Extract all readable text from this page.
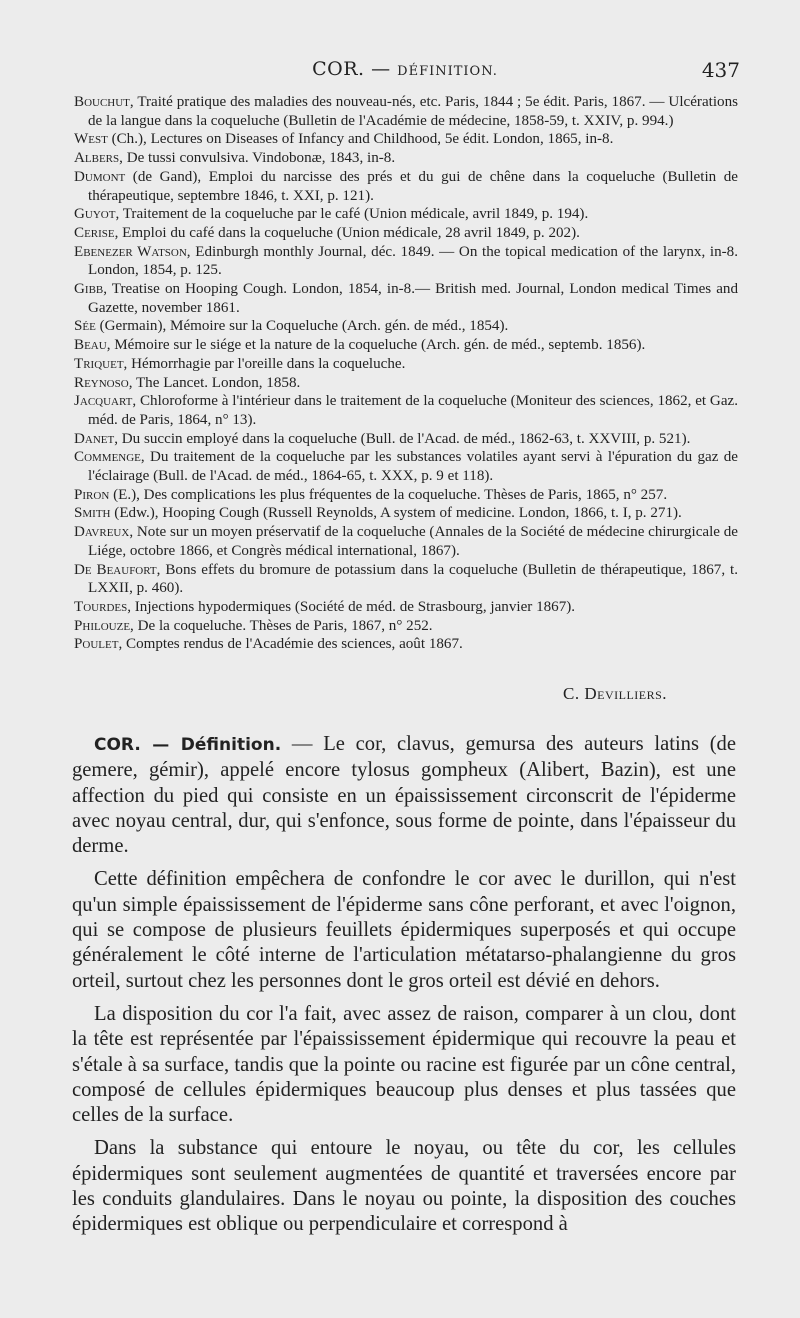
COR. — DÉFINITION.	437
Bouchut, Traité pratique des maladies des nouveau-nés, etc. Paris, 1844 ; 5e édit. Paris, 1867. — Ulcérations de la langue dans la coqueluche (Bulletin de l'Académie de médecine, 1858-59, t. XXIV, p. 994.)
West (Ch.), Lectures on Diseases of Infancy and Childhood, 5e édit. London, 1865, in-8.
Albers, De tussi convulsiva. Vindobonæ, 1843, in-8.
Dumont (de Gand), Emploi du narcisse des prés et du gui de chêne dans la coqueluche (Bulletin de thérapeutique, septembre 1846, t. XXI, p. 121).
Guyot, Traitement de la coqueluche par le café (Union médicale, avril 1849, p. 194).
Cerise, Emploi du café dans la coqueluche (Union médicale, 28 avril 1849, p. 202).
Ebenezer Watson, Edinburgh monthly Journal, déc. 1849. — On the topical medication of the larynx, in-8. London, 1854, p. 125.
Gibb, Treatise on Hooping Cough. London, 1854, in-8.— British med. Journal, London medical Times and Gazette, november 1861.
Sée (Germain), Mémoire sur la Coqueluche (Arch. gén. de méd., 1854).
Beau, Mémoire sur le siége et la nature de la coqueluche (Arch. gén. de méd., septemb. 1856).
Triquet, Hémorrhagie par l'oreille dans la coqueluche.
Reynoso, The Lancet. London, 1858.
Jacquart, Chloroforme à l'intérieur dans le traitement de la coqueluche (Moniteur des sciences, 1862, et Gaz. méd. de Paris, 1864, n° 13).
Danet, Du succin employé dans la coqueluche (Bull. de l'Acad. de méd., 1862-63, t. XXVIII, p. 521).
Commenge, Du traitement de la coqueluche par les substances volatiles ayant servi à l'épuration du gaz de l'éclairage (Bull. de l'Acad. de méd., 1864-65, t. XXX, p. 9 et 118).
Piron (E.), Des complications les plus fréquentes de la coqueluche. Thèses de Paris, 1865, n° 257.
Smith (Edw.), Hooping Cough (Russell Reynolds, A system of medicine. London, 1866, t. I, p. 271).
Davreux, Note sur un moyen préservatif de la coqueluche (Annales de la Société de médecine chirurgicale de Liége, octobre 1866, et Congrès médical international, 1867).
De Beaufort, Bons effets du bromure de potassium dans la coqueluche (Bulletin de thérapeutique, 1867, t. LXXII, p. 460).
Tourdes, Injections hypodermiques (Société de méd. de Strasbourg, janvier 1867).
Philouze, De la coqueluche. Thèses de Paris, 1867, n° 252.
Poulet, Comptes rendus de l'Académie des sciences, août 1867.
C. Devilliers.

COR. — Définition. — Le cor, clavus, gemursa des auteurs latins (de gemere, gémir), appelé encore tylosus gompheux (Alibert, Bazin), est une affection du pied qui consiste en un épaississement circonscrit de l'épiderme avec noyau central, dur, qui s'enfonce, sous forme de pointe, dans l'épaisseur du derme.

Cette définition empêchera de confondre le cor avec le durillon, qui n'est qu'un simple épaississement de l'épiderme sans cône perforant, et avec l'oignon, qui se compose de plusieurs feuillets épidermiques superposés et qui occupe généralement le côté interne de l'articulation métatarso-phalangienne du gros orteil, surtout chez les personnes dont le gros orteil est dévié en dehors.

La disposition du cor l'a fait, avec assez de raison, comparer à un clou, dont la tête est représentée par l'épaississement épidermique qui recouvre la peau et s'étale à sa surface, tandis que la pointe ou racine est figurée par un cône central, composé de cellules épidermiques beaucoup plus denses et plus tassées que celles de la surface.

Dans la substance qui entoure le noyau, ou tête du cor, les cellules épidermiques sont seulement augmentées de quantité et traversées encore par les conduits glandulaires. Dans le noyau ou pointe, la disposition des couches épidermiques est oblique ou perpendiculaire et correspond à
